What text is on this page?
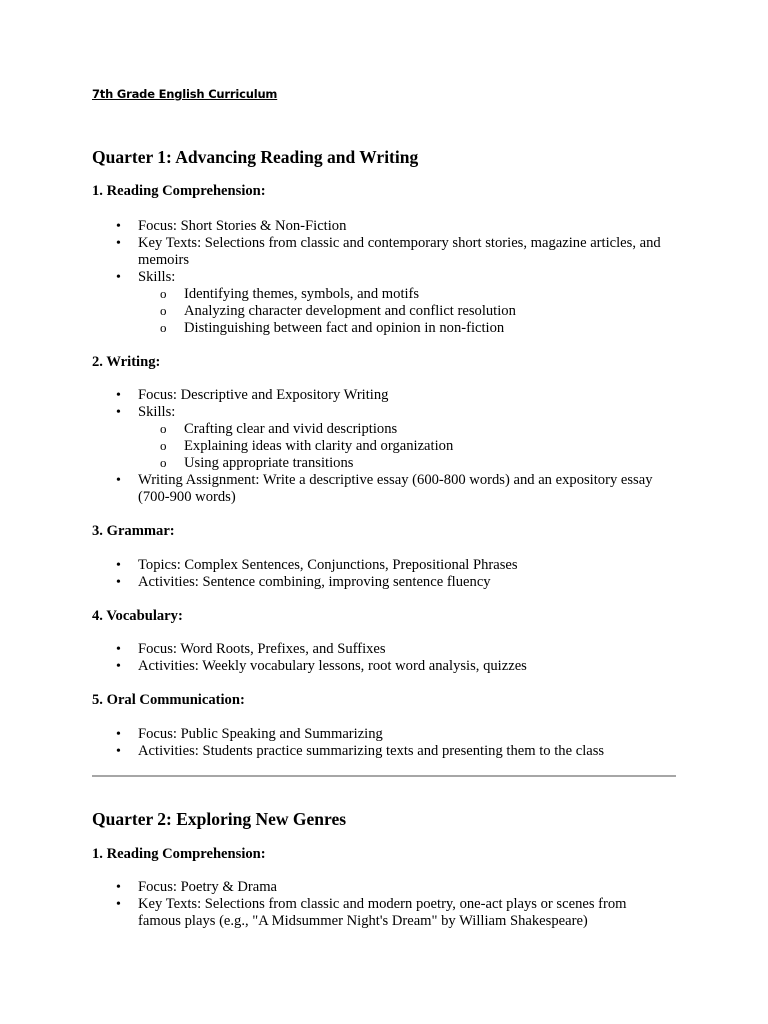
7th Grade English Curriculum
Quarter 1: Advancing Reading and Writing
1. Reading Comprehension:
• Focus: Short Stories & Non-Fiction
• Key Texts: Selections from classic and contemporary short stories, magazine articles, and memoirs
• Skills:
o Identifying themes, symbols, and motifs
o Analyzing character development and conflict resolution
o Distinguishing between fact and opinion in non-fiction
2. Writing:
• Focus: Descriptive and Expository Writing
• Skills:
o Crafting clear and vivid descriptions
o Explaining ideas with clarity and organization
o Using appropriate transitions
• Writing Assignment: Write a descriptive essay (600-800 words) and an expository essay (700-900 words)
3. Grammar:
• Topics: Complex Sentences, Conjunctions, Prepositional Phrases
• Activities: Sentence combining, improving sentence fluency
4. Vocabulary:
• Focus: Word Roots, Prefixes, and Suffixes
• Activities: Weekly vocabulary lessons, root word analysis, quizzes
5. Oral Communication:
• Focus: Public Speaking and Summarizing
• Activities: Students practice summarizing texts and presenting them to the class
Quarter 2: Exploring New Genres
1. Reading Comprehension:
• Focus: Poetry & Drama
• Key Texts: Selections from classic and modern poetry, one-act plays or scenes from famous plays (e.g., "A Midsummer Night's Dream" by William Shakespeare)
